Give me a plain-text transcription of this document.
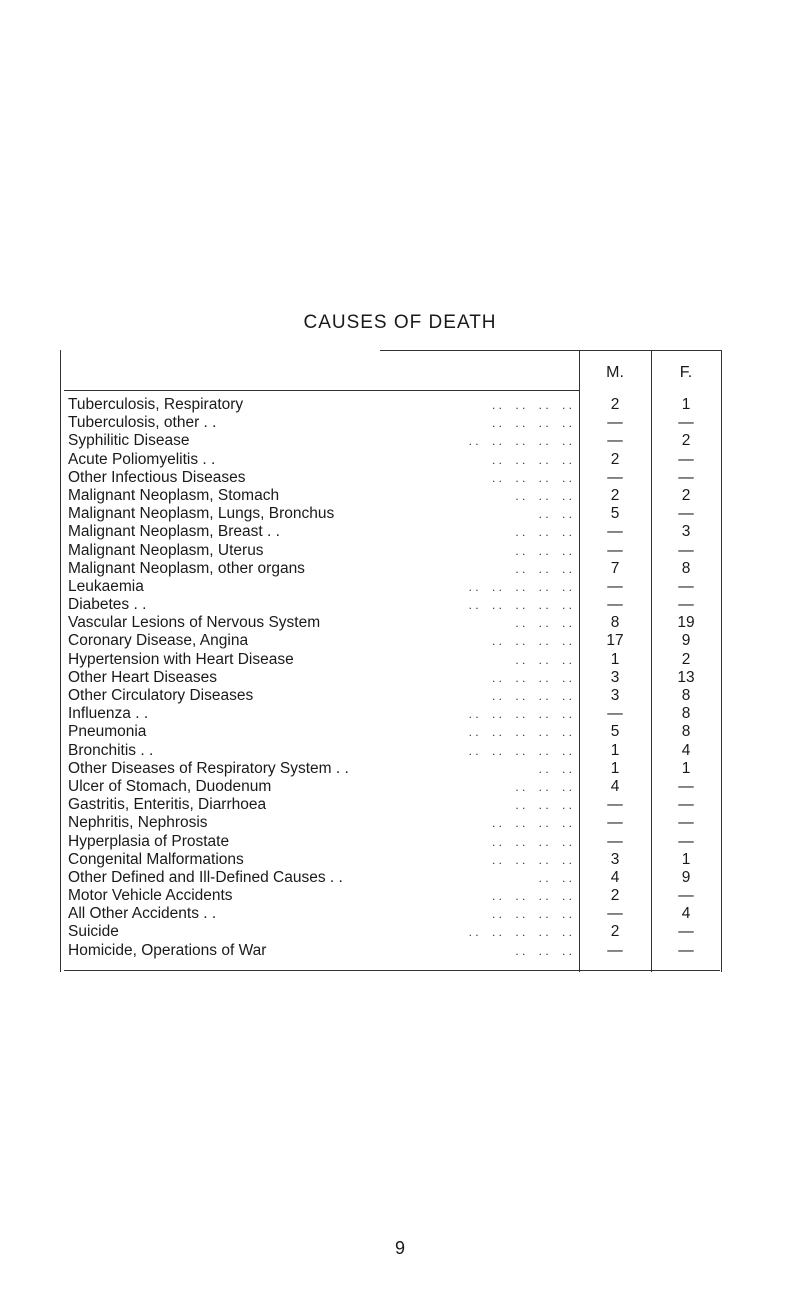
CAUSES OF DEATH
M.	F.
Tuberculosis, Respiratory	2	1
. .    . .    . .    . .
Tuberculosis, other . .	—	—
. .    . .    . .    . .
Syphilitic Disease	—	2
. .    . .    . .    . .    . .
Acute Poliomyelitis . .	2	—
. .    . .    . .    . .
Other Infectious Diseases	—	—
. .    . .    . .    . .
Malignant Neoplasm, Stomach	2	2
. .    . .    . .
Malignant Neoplasm, Lungs, Bronchus	5	—
. .    . .
Malignant Neoplasm, Breast . .	—	3
. .    . .    . .
Malignant Neoplasm, Uterus	—	—
. .    . .    . .
Malignant Neoplasm, other organs	7	8
. .    . .    . .
Leukaemia	—	—
. .    . .    . .    . .    . .
Diabetes . .	—	—
. .    . .    . .    . .    . .
Vascular Lesions of Nervous System	8	19
. .    . .    . .
Coronary Disease, Angina	17	9
. .    . .    . .    . .
Hypertension with Heart Disease	1	2
. .    . .    . .
Other Heart Diseases	3	13
. .    . .    . .    . .
Other Circulatory Diseases	3	8
. .    . .    . .    . .
Influenza . .	—	8
. .    . .    . .    . .    . .
Pneumonia	5	8
. .    . .    . .    . .    . .
Bronchitis . .	1	4
. .    . .    . .    . .    . .
Other Diseases of Respiratory System . .	1	1
. .    . .
Ulcer of Stomach, Duodenum	4	—
. .    . .    . .
Gastritis, Enteritis, Diarrhoea	—	—
. .    . .    . .
Nephritis, Nephrosis	—	—
. .    . .    . .    . .
Hyperplasia of Prostate	—	—
. .    . .    . .    . .
Congenital Malformations	3	1
. .    . .    . .    . .
Other Defined and Ill-Defined Causes . .	4	9
. .    . .
Motor Vehicle Accidents	2	—
. .    . .    . .    . .
All Other Accidents . .	—	4
. .    . .    . .    . .
Suicide	2	—
. .    . .    . .    . .    . .
Homicide, Operations of War	—	—
. .    . .    . .
9
